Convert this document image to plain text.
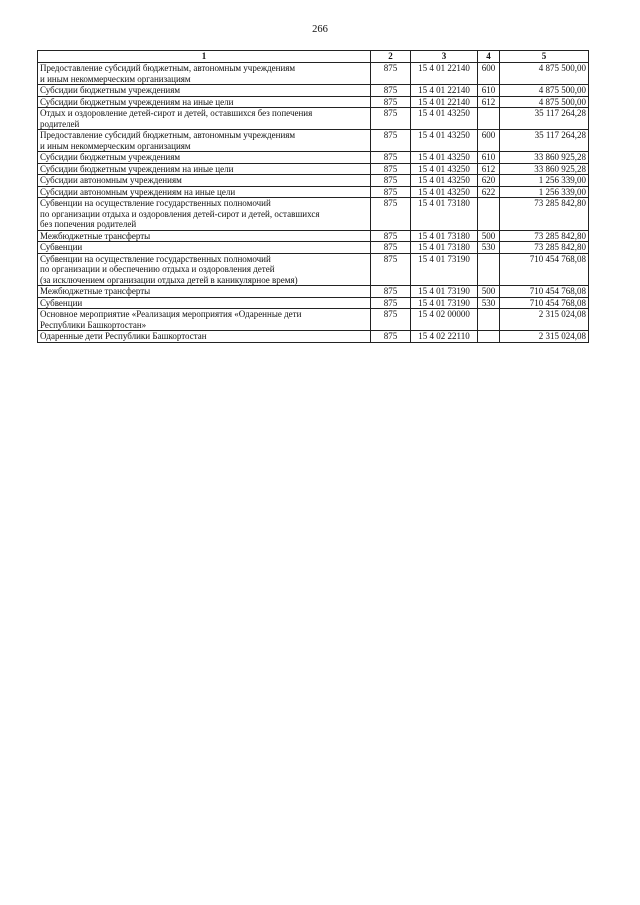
266
1	2	3	4	5
Предоставление субсидий бюджетным, автономным учреждениям
и иным некоммерческим организациям	875	15 4 01 22140	600	4 875 500,00
Субсидии бюджетным учреждениям	875	15 4 01 22140	610	4 875 500,00
Субсидии бюджетным учреждениям на иные цели	875	15 4 01 22140	612	4 875 500,00
Отдых и оздоровление детей-сирот и детей, оставшихся без попечения
родителей	875	15 4 01 43250		35 117 264,28
Предоставление субсидий бюджетным, автономным учреждениям
и иным некоммерческим организациям	875	15 4 01 43250	600	35 117 264,28
Субсидии бюджетным учреждениям	875	15 4 01 43250	610	33 860 925,28
Субсидии бюджетным учреждениям на иные цели	875	15 4 01 43250	612	33 860 925,28
Субсидии автономным учреждениям	875	15 4 01 43250	620	1 256 339,00
Субсидии автономным учреждениям на иные цели	875	15 4 01 43250	622	1 256 339,00
Субвенции на осуществление государственных полномочий
по организации отдыха и оздоровления детей-сирот и детей, оставшихся
без попечения родителей	875	15 4 01 73180		73 285 842,80
Межбюджетные трансферты	875	15 4 01 73180	500	73 285 842,80
Субвенции	875	15 4 01 73180	530	73 285 842,80
Субвенции на осуществление государственных полномочий
по организации и обеспечению отдыха и оздоровления детей
(за исключением организации отдыха детей в каникулярное время)	875	15 4 01 73190		710 454 768,08
Межбюджетные трансферты	875	15 4 01 73190	500	710 454 768,08
Субвенции	875	15 4 01 73190	530	710 454 768,08
Основное мероприятие «Реализация мероприятия «Одаренные дети
Республики Башкортостан»	875	15 4 02 00000		2 315 024,08
Одаренные дети Республики Башкортостан	875	15 4 02 22110		2 315 024,08
